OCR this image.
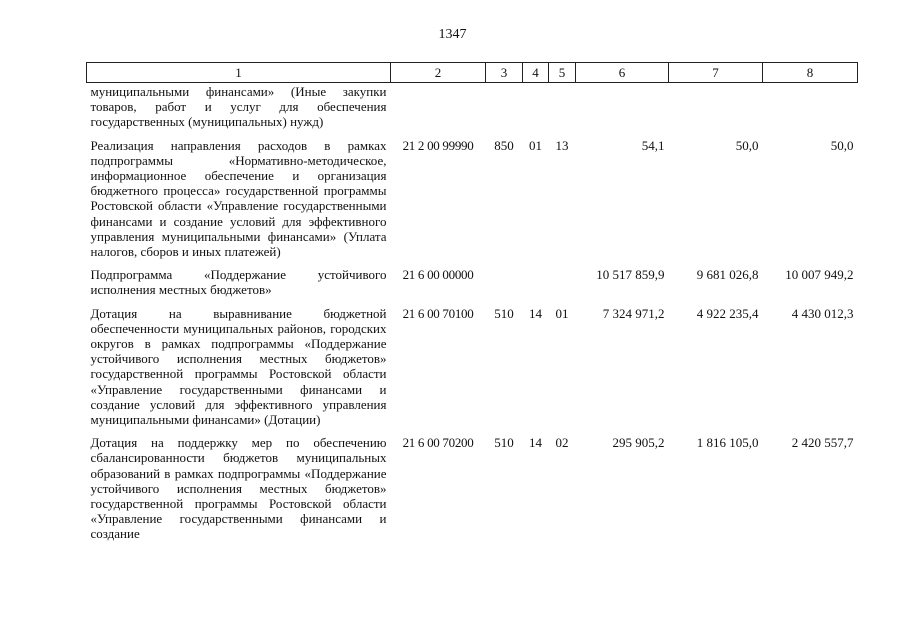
1347
1	2	3	4	5	6	7	8
муниципальными финансами» (Иные закупки товаров, работ и услуг для обеспечения государственных (муниципальных) нужд)							
Реализация направления расходов в рамках подпрограммы «Нормативно-методическое, информационное обеспечение и организация бюджетного процесса» государственной программы Ростовской области «Управление государственными финансами и создание условий для эффективного управления муниципальными финансами» (Уплата налогов, сборов и иных платежей)	21 2 00 99990	850	01	13	54,1	50,0	50,0
Подпрограмма «Поддержание устойчивого исполнения местных бюджетов»	21 6 00 00000				10 517 859,9	9 681 026,8	10 007 949,2
Дотация на выравнивание бюджетной обеспеченности муниципальных районов, городских округов в рамках подпрограммы «Поддержание устойчивого исполнения местных бюджетов» государственной программы Ростовской области «Управление государственными финансами и создание условий для эффективного управления муниципальными финансами» (Дотации)	21 6 00 70100	510	14	01	7 324 971,2	4 922 235,4	4 430 012,3
Дотация на поддержку мер по обеспечению сбалансированности бюджетов муниципальных образований в рамках подпрограммы «Поддержание устойчивого исполнения местных бюджетов» государственной программы Ростовской области «Управление государственными финансами и создание	21 6 00 70200	510	14	02	295 905,2	1 816 105,0	2 420 557,7
